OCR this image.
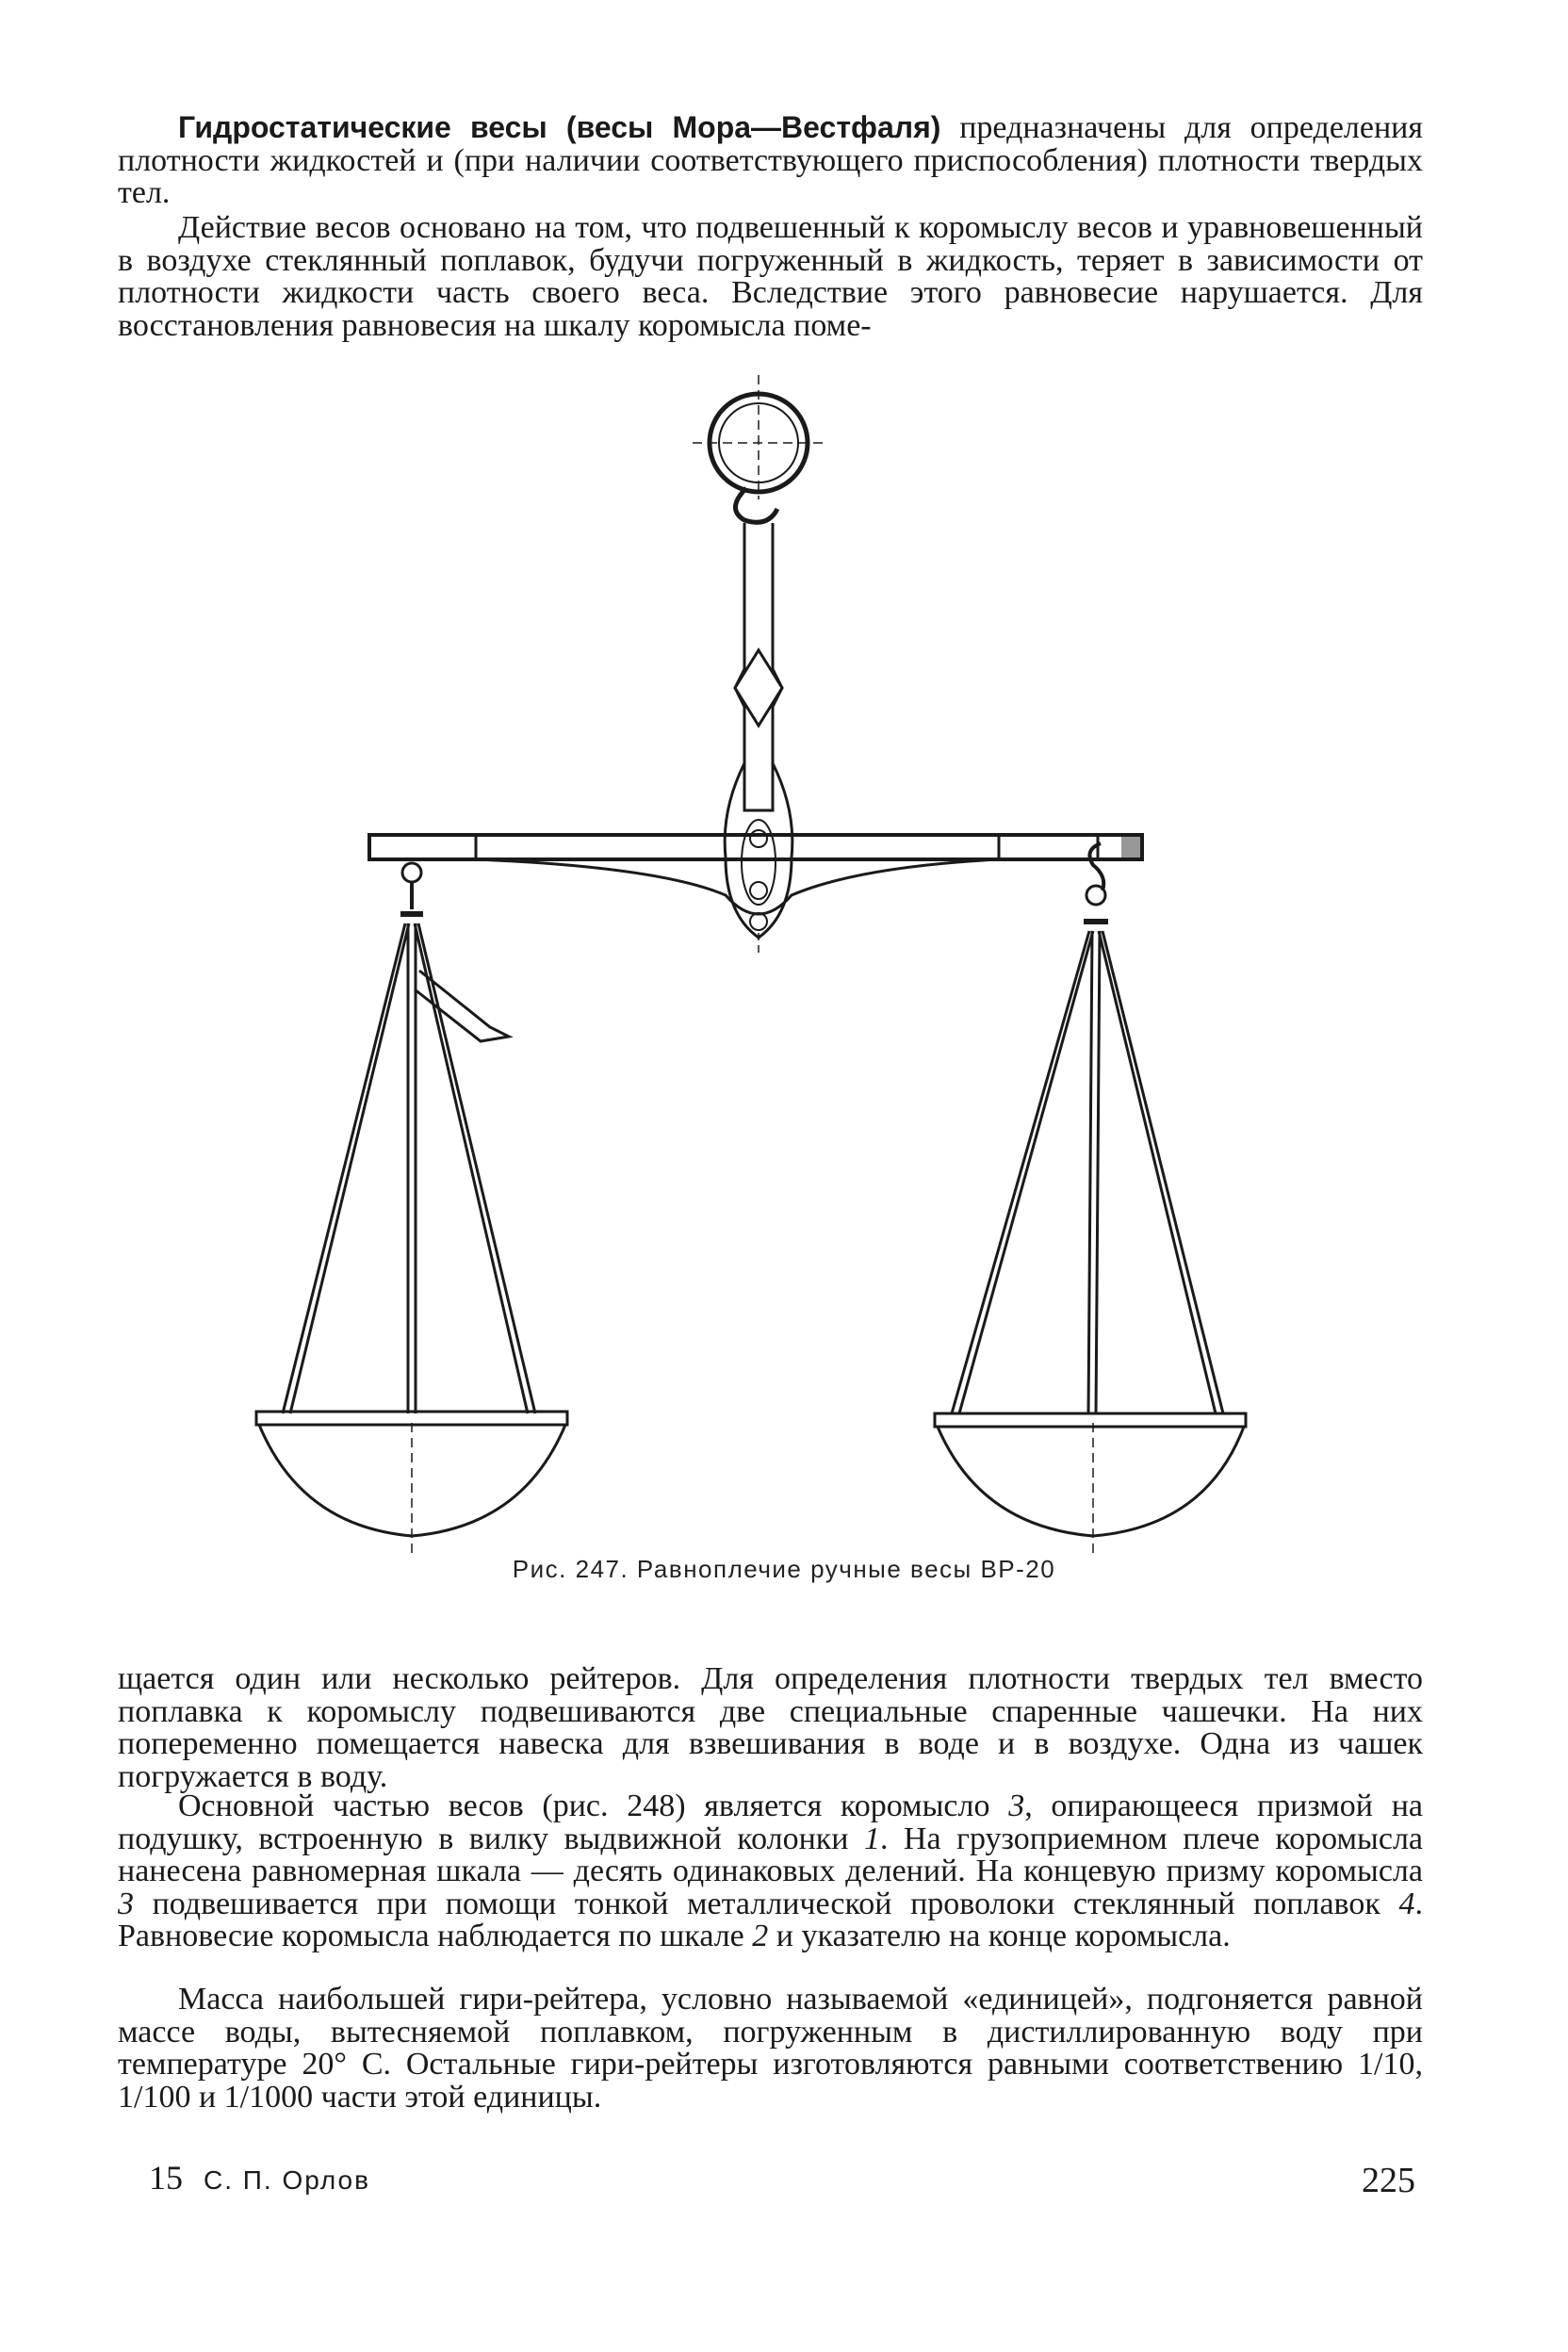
Гидростатические весы (весы Мора—Вестфаля) предназначены для определения плотности жидкостей и (при наличии соответствующего приспособления) плотности твердых тел.

Действие весов основано на том, что подвешенный к коромыслу весов и уравновешенный в воздухе стеклянный поплавок, будучи погруженный в жидкость, теряет в зависимости от плотности жидкости часть своего веса. Вследствие этого равновесие нарушается. Для восстановления равновесия на шкалу коромысла поме-

Рис. 247. Равноплечие ручные весы ВР-20

щается один или несколько рейтеров. Для определения плотности твердых тел вместо поплавка к коромыслу подвешиваются две специальные спаренные чашечки. На них попеременно помещается навеска для взвешивания в воде и в воздухе. Одна из чашек погружается в воду.

Основной частью весов (рис. 248) является коромысло 3, опирающееся призмой на подушку, встроенную в вилку выдвижной колонки 1. На грузоприемном плече коромысла нанесена равномерная шкала — десять одинаковых делений. На концевую призму коромысла 3 подвешивается при помощи тонкой металлической проволоки стеклянный поплавок 4. Равновесие коромысла наблюдается по шкале 2 и указателю на конце коромысла.

Масса наибольшей гири-рейтера, условно называемой «единицей», подгоняется равной массе воды, вытесняемой поплавком, погруженным в дистиллированную воду при температуре 20° С. Остальные гири-рейтеры изготовляются равными соответствению 1/10, 1/100 и 1/1000 части этой единицы.

15 С. П. Орлов	225
